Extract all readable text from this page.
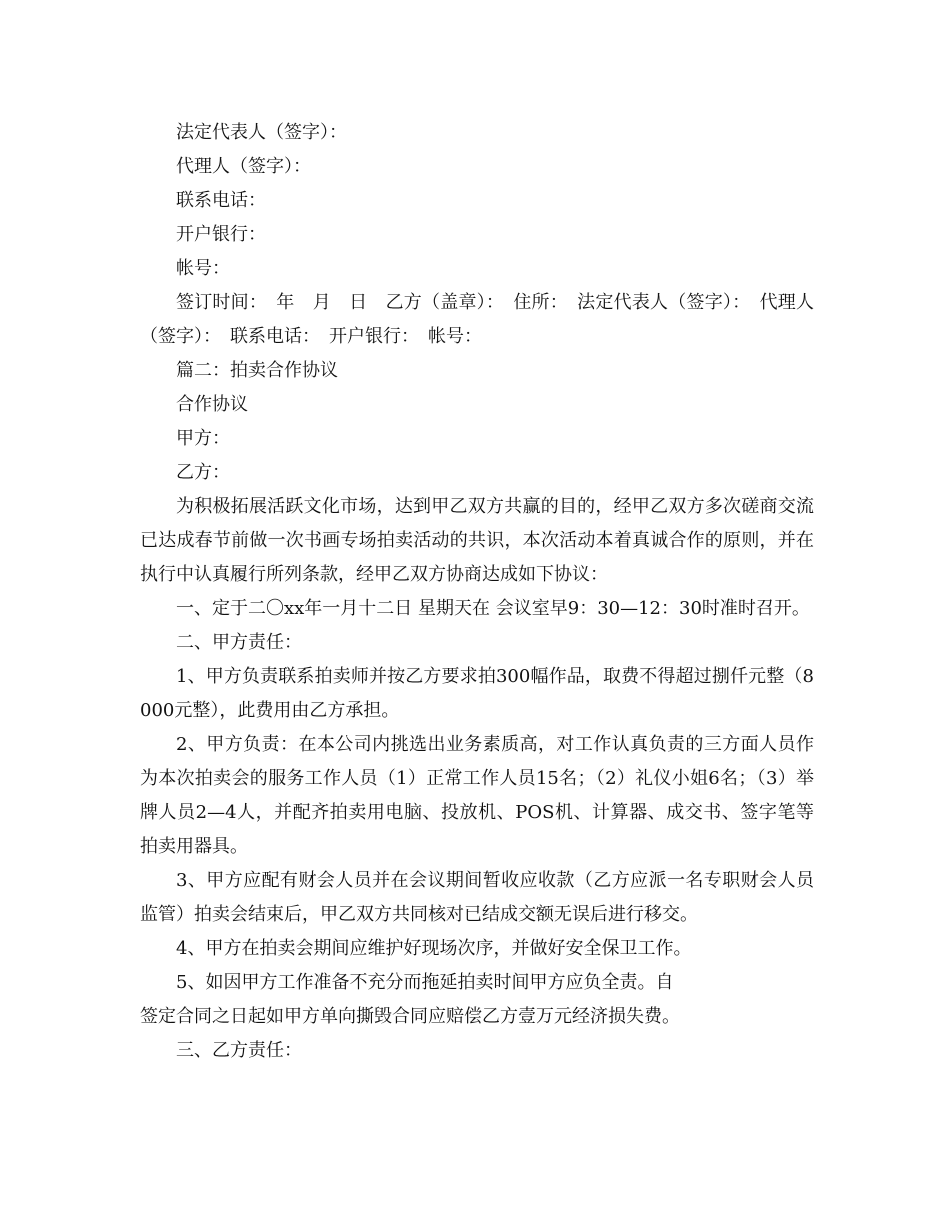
法定代表人（签字）：

代理人（签字）：

联系电话：

开户银行：

帐号：

签订时间：　年　月　日　乙方（盖章）：　住所：　法定代表人（签字）：　代理人（签字）：　联系电话：　开户银行：　帐号：

篇二：拍卖合作协议

合作协议

甲方：

乙方：

为积极拓展活跃文化市场，达到甲乙双方共赢的目的，经甲乙双方多次磋商交流已达成春节前做一次书画专场拍卖活动的共识，本次活动本着真诚合作的原则，并在执行中认真履行所列条款，经甲乙双方协商达成如下协议：

一、定于二〇xx年一月十二日 星期天在 会议室早9：30—12：30时准时召开。

二、甲方责任：

1、甲方负责联系拍卖师并按乙方要求拍300幅作品，取费不得超过捌仟元整（8000元整），此费用由乙方承担。

2、甲方负责：在本公司内挑选出业务素质高，对工作认真负责的三方面人员作为本次拍卖会的服务工作人员（1）正常工作人员15名；（2）礼仪小姐6名；（3）举牌人员2—4人，并配齐拍卖用电脑、投放机、POS机、计算器、成交书、签字笔等拍卖用器具。

3、甲方应配有财会人员并在会议期间暂收应收款（乙方应派一名专职财会人员监管）拍卖会结束后，甲乙双方共同核对已结成交额无误后进行移交。

4、甲方在拍卖会期间应维护好现场次序，并做好安全保卫工作。

5、如因甲方工作准备不充分而拖延拍卖时间甲方应负全责。自

签定合同之日起如甲方单向撕毁合同应赔偿乙方壹万元经济损失费。

三、乙方责任：
